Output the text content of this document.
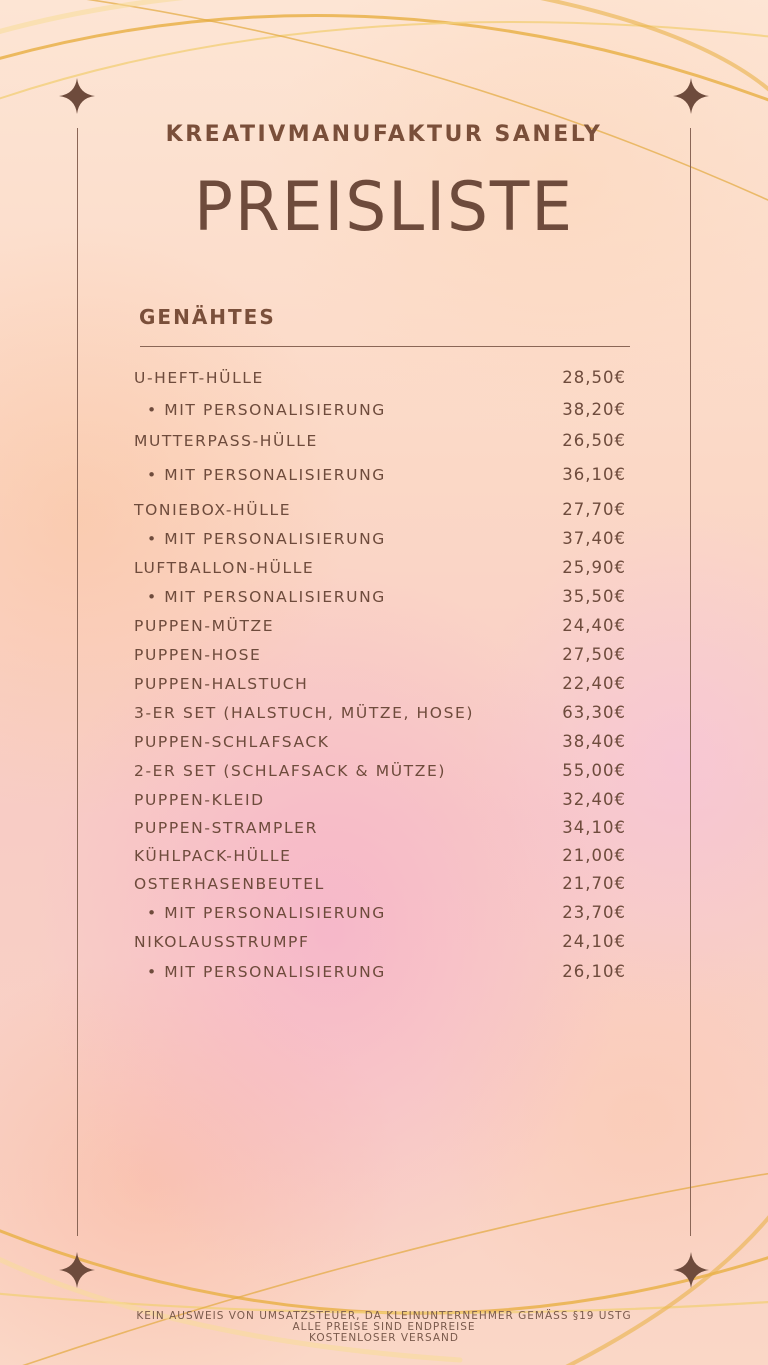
KREATIVMANUFAKTUR SANELY
PREISLISTE
GENÄHTES
U-HEFT-HÜLLE	28,50€
• MIT PERSONALISIERUNG	38,20€
MUTTERPASS-HÜLLE	26,50€
• MIT PERSONALISIERUNG	36,10€
TONIEBOX-HÜLLE	27,70€
• MIT PERSONALISIERUNG	37,40€
LUFTBALLON-HÜLLE	25,90€
• MIT PERSONALISIERUNG	35,50€
PUPPEN-MÜTZE	24,40€
PUPPEN-HOSE	27,50€
PUPPEN-HALSTUCH	22,40€
3-ER SET (HALSTUCH, MÜTZE, HOSE)	63,30€
PUPPEN-SCHLAFSACK	38,40€
2-ER SET (SCHLAFSACK & MÜTZE)	55,00€
PUPPEN-KLEID	32,40€
PUPPEN-STRAMPLER	34,10€
KÜHLPACK-HÜLLE	21,00€
OSTERHASENBEUTEL	21,70€
• MIT PERSONALISIERUNG	23,70€
NIKOLAUSSTRUMPF	24,10€
• MIT PERSONALISIERUNG	26,10€
KEIN AUSWEIS VON UMSATZSTEUER, DA KLEINUNTERNEHMER GEMÄSS §19 USTG
ALLE PREISE SIND ENDPREISE
KOSTENLOSER VERSAND
